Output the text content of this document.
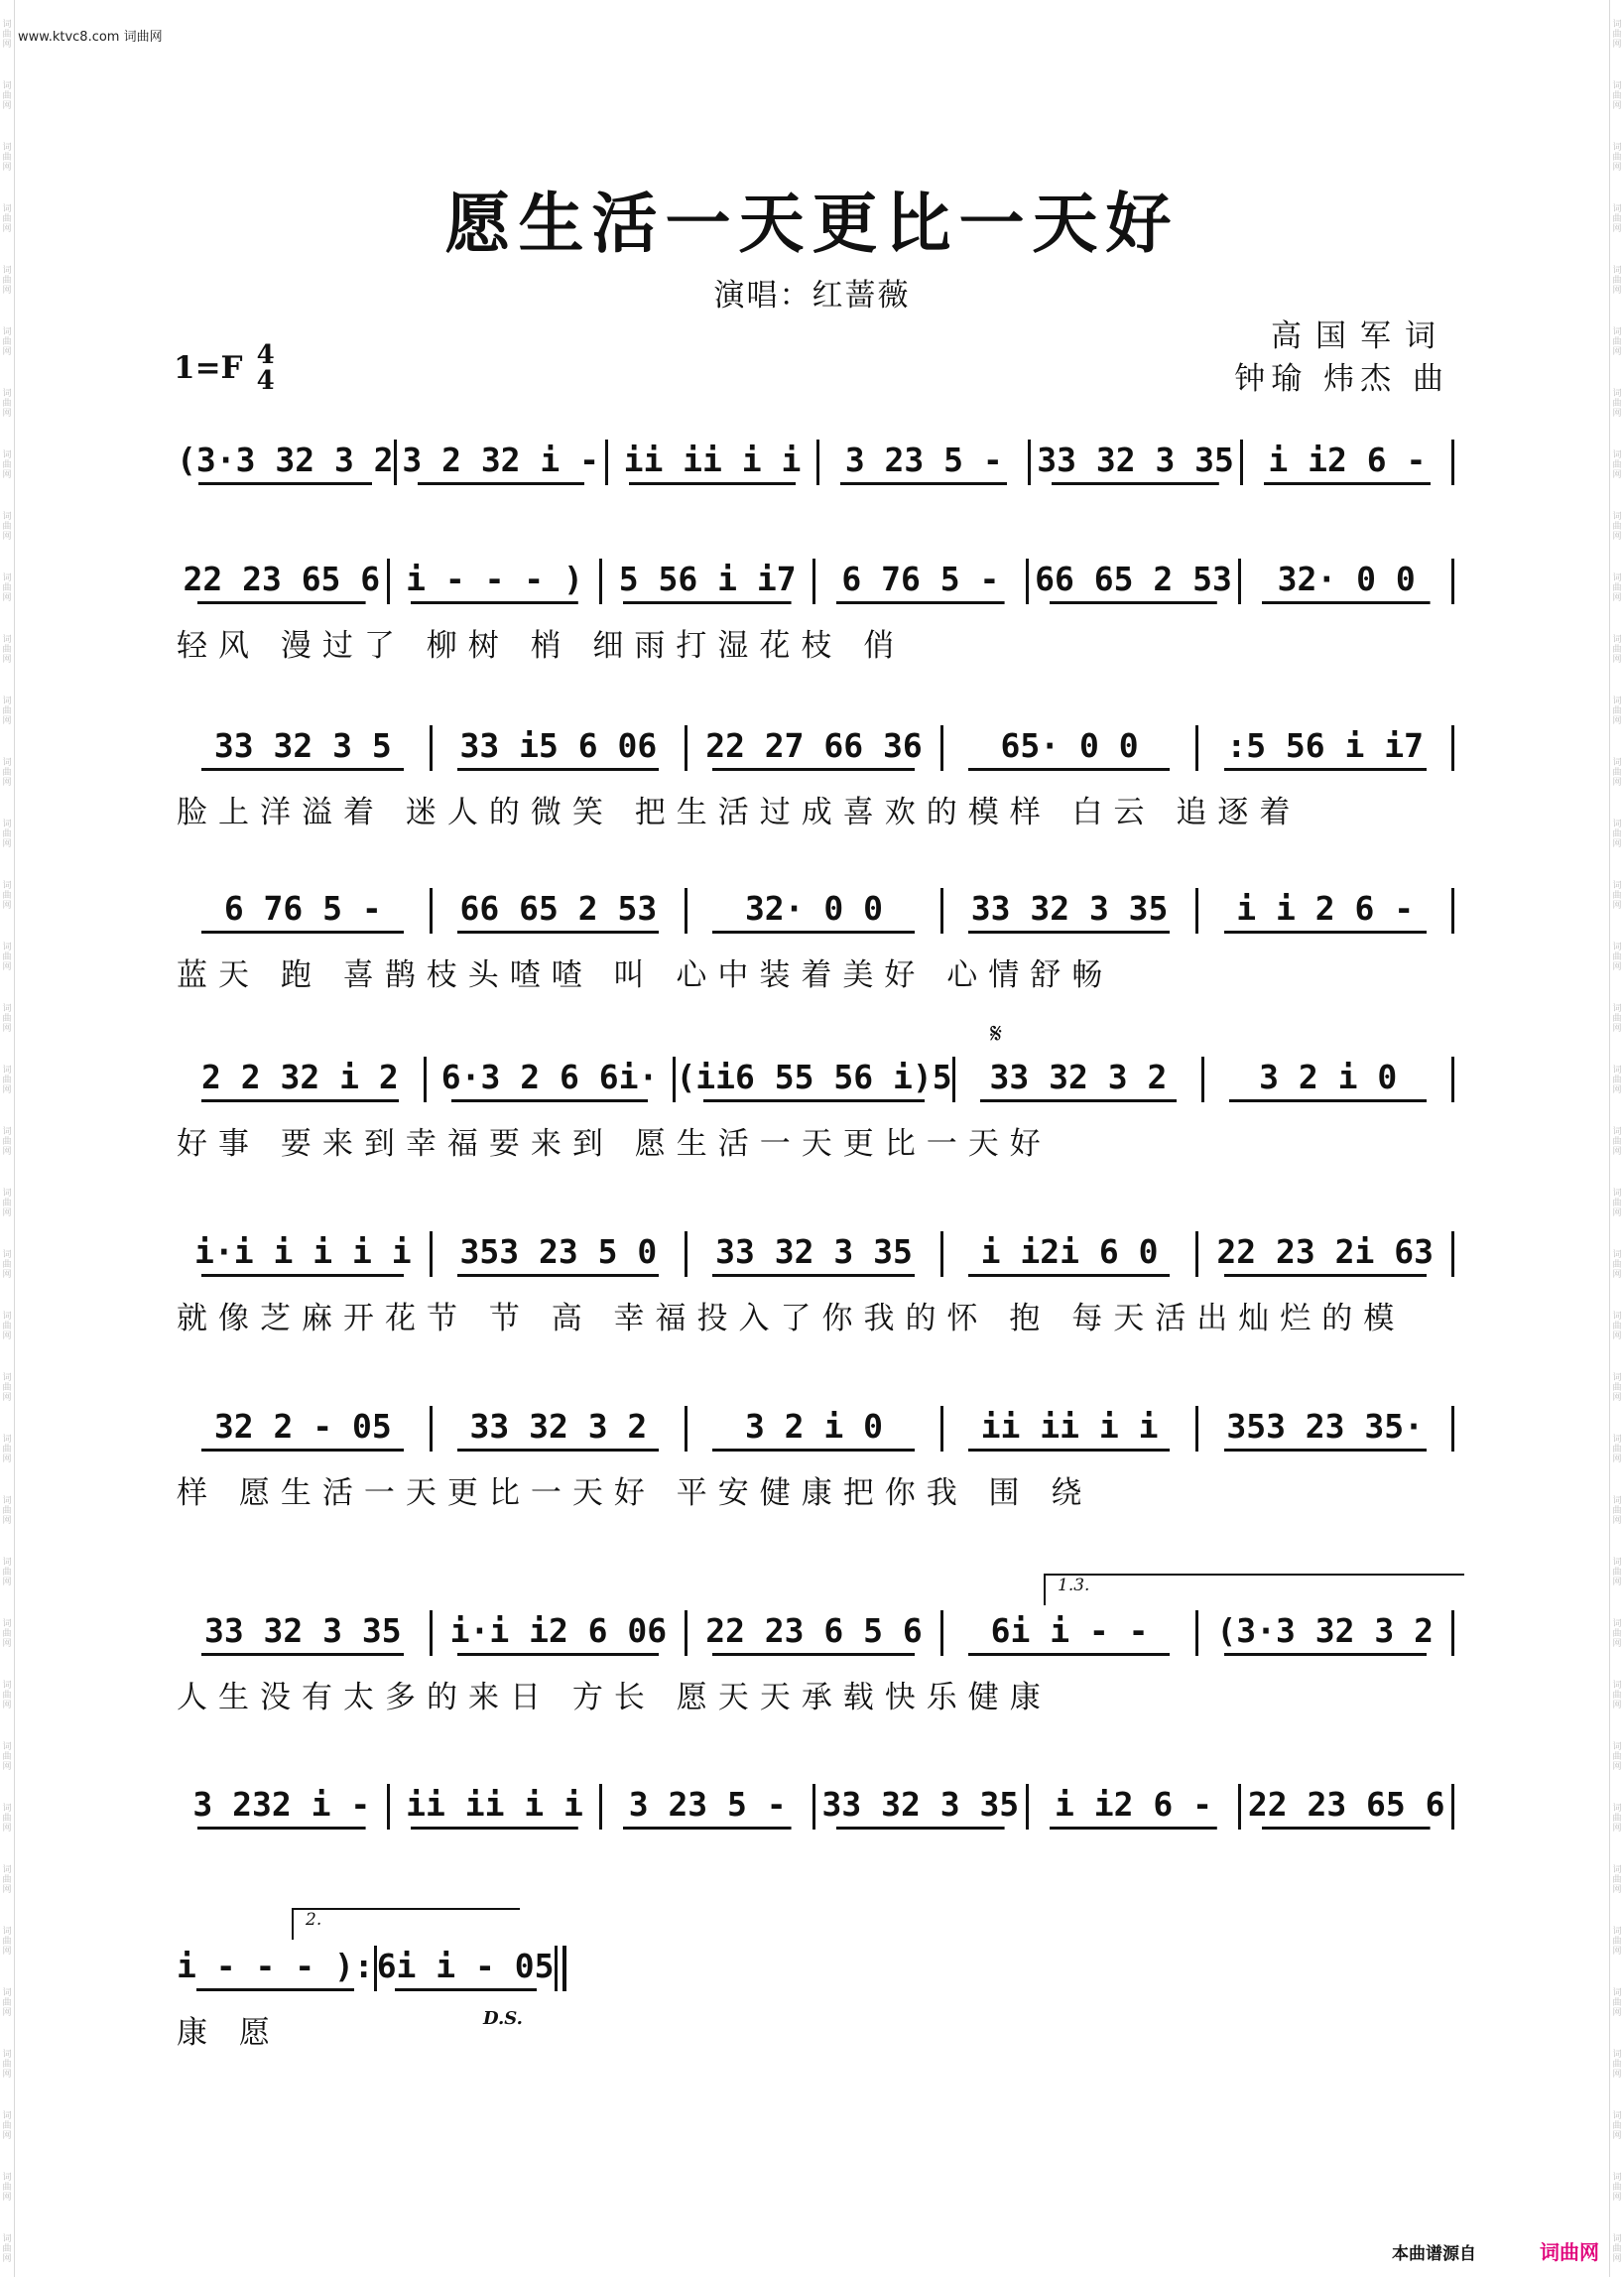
词曲网
词曲网
词曲网
词曲网
词曲网
词曲网
词曲网
词曲网
词曲网
词曲网
词曲网
词曲网
词曲网
词曲网
词曲网
词曲网
词曲网
词曲网
词曲网
词曲网
词曲网
词曲网
词曲网
词曲网
词曲网
词曲网
词曲网
词曲网
词曲网
词曲网
词曲网
词曲网
词曲网
词曲网
词曲网
词曲网
词曲网
词曲网
词曲网
词曲网
词曲网
词曲网
词曲网
词曲网
词曲网
词曲网
词曲网
词曲网
词曲网
词曲网
词曲网
词曲网
词曲网
词曲网
词曲网
词曲网
词曲网
词曲网
词曲网
词曲网
词曲网
词曲网
词曲网
词曲网
词曲网
词曲网
词曲网
词曲网
词曲网
词曲网
词曲网
词曲网
词曲网
词曲网
www.ktvc8.com 词曲网
愿生活一天更比一天好
演唱：红蔷薇
1=F 4
4
高国军词
钟瑜 炜杰 曲
(3·3 32 3 2 3 2 32 i - ii ii i i	3 23 5 -	33 32 3 35	i i2 6 -
22 23 65 6 i - - - )	5 56 i i7	6 76 5 -	66 65 2 53	32· 0 0
轻风 漫过了 柳树 梢 细雨打湿花枝 俏
33 32 3 5	33 i5 6 06	22 27 66 36	65· 0 0	:5 56 i i7
脸上洋溢着 迷人的微笑 把生活过成喜欢的模样 白云 追逐着
6 76 5 -	66 65 2 53	32· 0 0	33 32 3 35	i i 2 6 -
蓝天 跑 喜鹊枝头喳喳 叫 心中装着美好 心情舒畅
2 2 32 i 2	6·3 2 6 6i· (ii6 55 56 i)5	33 32 3 2	3 2 i 0
好事 要来到幸福要来到 愿生活一天更比一天好
i·i i i i i	353 23 5 0	33 32 3 35	i i2i 6 0	22 23 2i 63
就像芝麻开花节 节 高 幸福投入了你我的怀 抱 每天活出灿烂的模
32 2 - 05	33 32 3 2	3 2 i 0	ii ii i i	353 23 35·
样 愿生活一天更比一天好 平安健康把你我 围 绕
33 32 3 35	i·i i2 6 06	22 23 6 5 6	6i i - -	(3·3 32 3 2
人生没有太多的来日 方长 愿天天承载快乐健康
3 232 i -	ii ii i i	3 23 5 -	33 32 3 35	i i2 6 -	22 23 65 6
i - - - ): 6i i - 05
康 愿
𝄋
1.3.
2.
D.S.
本曲谱源自	词曲网
